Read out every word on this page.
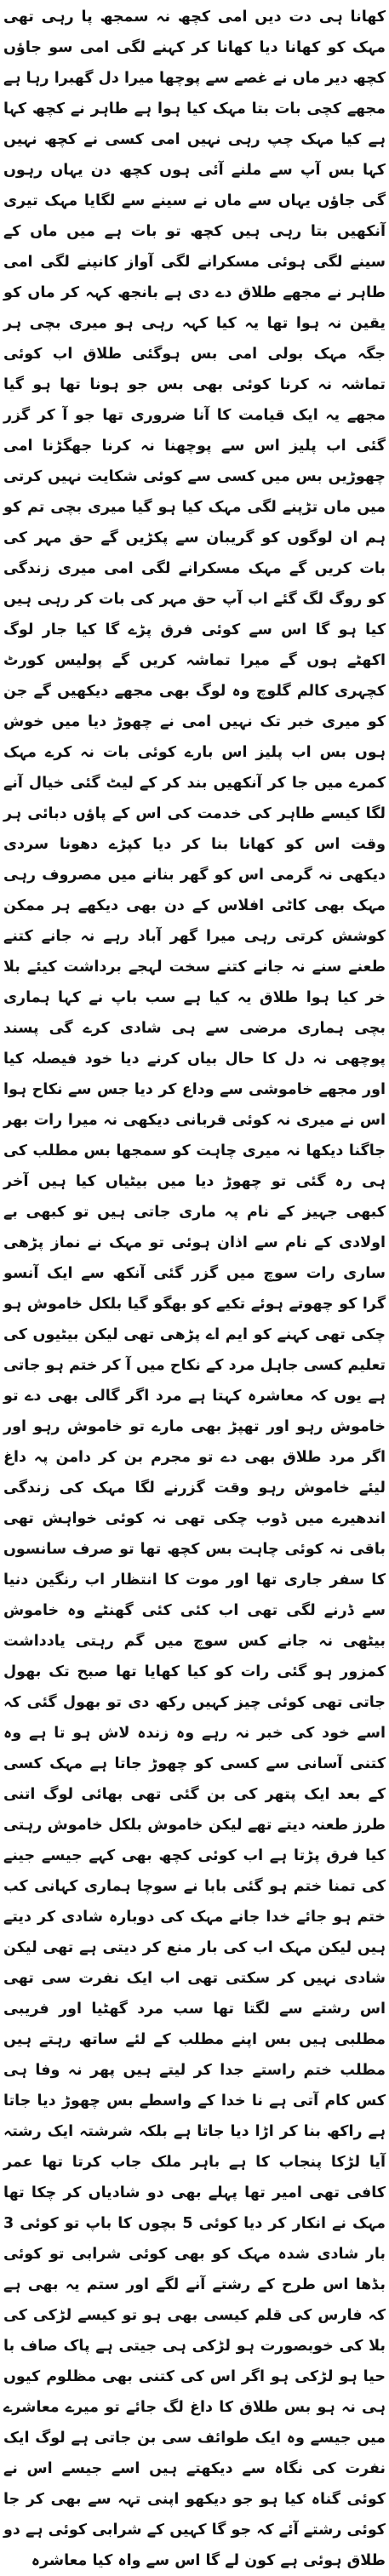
کھانا ہی دت دیں امی کچھ نہ سمجھ پا رہی تھی مہک کو کھانا دیا کھانا کر کہنے لگی امی سو جاؤں کچھ دیر ماں نے غصے سے پوچھا میرا دل گھبرا رہا ہے مجھے کچی بات بتا مہک کیا ہوا ہے طاہر نے کچھ کہا ہے کیا مہک چپ رہی نہیں امی کسی نے کچھ نہیں کہا بس آپ سے ملنے آئی ہوں کچھ دن یہاں رہوں گی جاؤں یہاں سے ماں نے سینے سے لگایا مہک تیری آنکھیں بتا رہی ہیں کچھ تو بات ہے میں ماں کے سینے لگی ہوئی مسکرانے لگی آواز کانپنے لگی امی طاہر نے مجھے طلاق دے دی ہے بانجھ کہہ کر ماں کو یقین نہ ہوا تھا یہ کیا کہہ رہی ہو میری بچی ہر جگہ مہک بولی امی بس ہوگئی طلاق اب کوئی تماشہ نہ کرنا کوئی بھی بس جو ہونا تھا ہو گیا مجھے یہ ایک قیامت کا آنا ضروری تھا جو آ کر گزر گئی اب پلیز اس سے پوچھنا نہ کرنا جھگڑنا امی چھوڑیں بس میں کسی سے کوئی شکایت نہیں کرتی میں ماں تڑپنے لگی مہک کیا ہو گیا میری بچی تم کو ہم ان لوگوں کو گریبان سے پکڑیں گے حق مہر کی بات کریں گے مہک مسکرانے لگی امی میری زندگی کو روگ لگ گئے اب آپ حق مہر کی بات کر رہی ہیں کیا ہو گا اس سے کوئی فرق پڑے گا کیا جار لوگ اکھٹے ہوں گے میرا تماشہ کریں گے پولیس کورٹ کچہری کالم گلوچ وہ لوگ بھی مجھے دیکھیں گے جن کو میری خبر تک نہیں امی نے چھوڑ دیا میں خوش ہوں بس اب پلیز اس بارے کوئی بات نہ کرے مہک کمرے میں جا کر آنکھیں بند کر کے لیٹ گئی خیال آنے لگا کیسے طاہر کی خدمت کی اس کے پاؤں دبائی ہر وقت اس کو کھانا بنا کر دیا کپڑے دھونا سردی دیکھی نہ گرمی اس کو گھر بنانے میں مصروف رہی مہک بھی کاٹی افلاس کے دن بھی دیکھے ہر ممکن کوشش کرتی رہی میرا گھر آباد رہے نہ جانے کتنے طعنے سنے نہ جانے کتنے سخت لہجے برداشت کیئے بلا خر کیا ہوا طلاق یہ کیا ہے سب باپ نے کہا ہماری بچی ہماری مرضی سے ہی شادی کرے گی پسند پوچھی نہ دل کا حال بیاں کرنے دیا خود فیصلہ کیا اور مجھے خاموشی سے وداع کر دیا جس سے نکاح ہوا اس نے میری نہ کوئی قربانی دیکھی نہ میرا رات بھر جاگنا دیکھا نہ میری چاہت کو سمجھا بس مطلب کی ہی رہ گئی تو چھوڑ دیا میں بیٹیاں کیا ہیں آخر کبھی جہیز کے نام پہ ماری جاتی ہیں تو کبھی بے اولادی کے نام سے اذان ہوئی تو مہک نے نماز پڑھی ساری رات سوچ میں گزر گئی آنکھ سے ایک آنسو گرا کو چھوتے ہوئے تکیے کو بھگو گیا بلکل خاموش ہو چکی تھی کہنے کو ایم اے پڑھی تھی لیکن بیٹیوں کی تعلیم کسی جاہل مرد کے نکاح میں آ کر ختم ہو جاتی ہے یوں کہ معاشرہ کہتا ہے مرد اگر گالی بھی دے تو خاموش رہو اور تھپڑ بھی مارے تو خاموش رہو اور اگر مرد طلاق بھی دے تو مجرم بن کر دامن پہ داغ لیئے خاموش رہو وقت گزرنے لگا مہک کی زندگی اندھیرے میں ڈوب چکی تھی نہ کوئی خواہش تھی باقی نہ کوئی چاہت بس کچھ تھا تو صرف سانسوں کا سفر جاری تھا اور موت کا انتظار اب رنگین دنیا سے ڈرنے لگی تھی اب کئی کئی گھنٹے وہ خاموش بیٹھی نہ جانے کس سوچ میں گم رہتی یادداشت کمزور ہو گئی رات کو کیا کھایا تھا صبح تک بھول جاتی تھی کوئی چیز کہیں رکھ دی تو بھول گئی کہ اسے خود کی خبر نہ رہے وہ زندہ لاش ہو تا ہے وہ کتنی آسانی سے کسی کو چھوڑ جاتا ہے مہک کسی کے بعد ایک پتھر کی بن گئی تھی بھائی لوگ اتنی طرز طعنہ دیتے تھے لیکن خاموش بلکل خاموش رہتی کیا فرق پڑتا ہے اب کوئی کچھ بھی کہے جیسے جینے کی تمنا ختم ہو گئی بابا نے سوچا ہماری کہانی کب ختم ہو جائے خدا جانے مہک کی دوبارہ شادی کر دیتے ہیں لیکن مہک اب کی بار منع کر دیتی ہے تھی لیکن شادی نہیں کر سکتی تھی اب ایک نفرت سی تھی اس رشتے سے لگتا تھا سب مرد گھٹیا اور فریبی مطلبی ہیں بس اپنے مطلب کے لئے ساتھ رہتے ہیں مطلب ختم راستے جدا کر لیتے ہیں پھر نہ وفا ہی کس کام آتی ہے نا خدا کے واسطے بس چھوڑ دیا جاتا ہے راکھ بنا کر اڑا دیا جاتا ہے بلکہ شرشتہ ایک رشتہ آیا لڑکا پنجاب کا ہے باہر ملک جاب کرتا تھا عمر کافی تھی امیر تھا پہلے بھی دو شادیاں کر چکا تھا مہک نے انکار کر دیا کوئی 5 بچوں کا باپ تو کوئی 3 بار شادی شدہ مہک کو بھی کوئی شرابی تو کوئی بڈھا اس طرح کے رشتے آنے لگے اور ستم یہ بھی ہے کہ فارس کی قلم کیسی بھی ہو تو کیسے لڑکی کی بلا کی خوبصورت ہو لڑکی ہی جیتی ہے پاک صاف با حیا ہو لڑکی ہو اگر اس کی کتنی بھی مظلوم کیوں ہی نہ ہو بس طلاق کا داغ لگ جائے تو میرے معاشرے میں جیسے وہ ایک طوائف سی بن جاتی ہے لوگ ایک نفرت کی نگاہ سے دیکھتے ہیں اسے جیسے اس نے کوئی گناہ کیا ہو جو دیکھو اپنی تہہ سے بھی کر جا کوئی رشتے آئے کہ جو گا کہیں کے شرابی کوئی ہے دو طلاق ہوئی ہے کون لے گا اس سے واہ کیا معاشرہ
